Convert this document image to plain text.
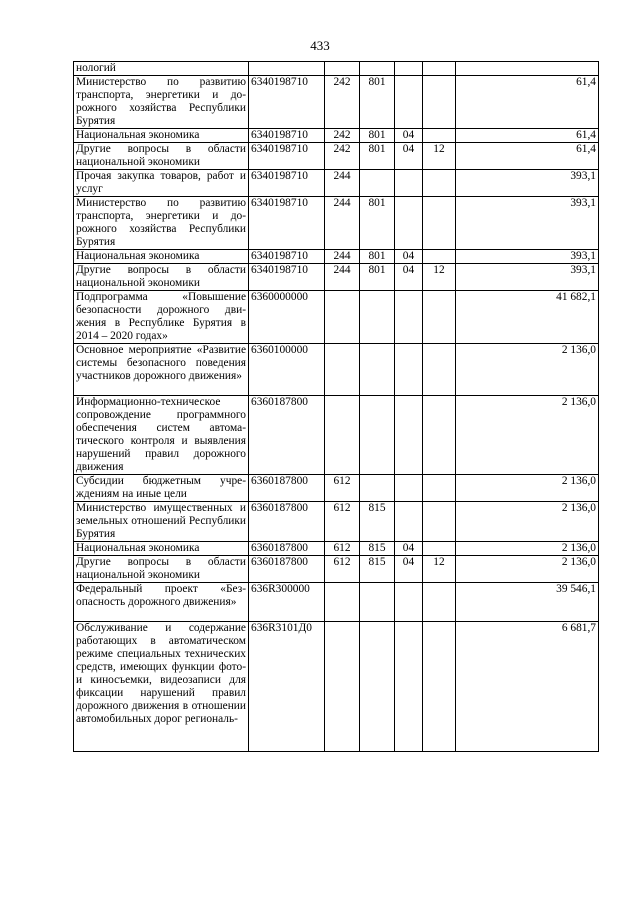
433
нологий						
Министерство по развитию транспорта, энергетики и дорожного хозяйства Республики Бурятия	6340198710	242	801			61,4
Национальная экономика	6340198710	242	801	04		61,4
Другие вопросы в области национальной экономики	6340198710	242	801	04	12	61,4
Прочая закупка товаров, работ и услуг	6340198710	244				393,1
Министерство по развитию транспорта, энергетики и дорожного хозяйства Республики Бурятия	6340198710	244	801			393,1
Национальная экономика	6340198710	244	801	04		393,1
Другие вопросы в области национальной экономики	6340198710	244	801	04	12	393,1
Подпрограмма «Повышение безопасности дорожного движения в Республике Бурятия в 2014 – 2020 годах»	6360000000					41 682,1
Основное мероприятие «Развитие системы безопасного поведения участников дорожного движения»	6360100000					2 136,0
Информационно-техническое сопровождение программного обеспечения систем автоматического контроля и выявления нарушений правил дорожного движения	6360187800					2 136,0
Субсидии бюджетным учреждениям на иные цели	6360187800	612				2 136,0
Министерство имущественных и земельных отношений Республики Бурятия	6360187800	612	815			2 136,0
Национальная экономика	6360187800	612	815	04		2 136,0
Другие вопросы в области национальной экономики	6360187800	612	815	04	12	2 136,0
Федеральный проект «Безопасность дорожного движения»	636R300000					39 546,1
Обслуживание и содержание работающих в автоматическом режиме специальных технических средств, имеющих функции фото- и киносъемки, видеозаписи для фиксации нарушений правил дорожного движения в отношении автомобильных дорог региональ-	636R3101Д0					6 681,7
